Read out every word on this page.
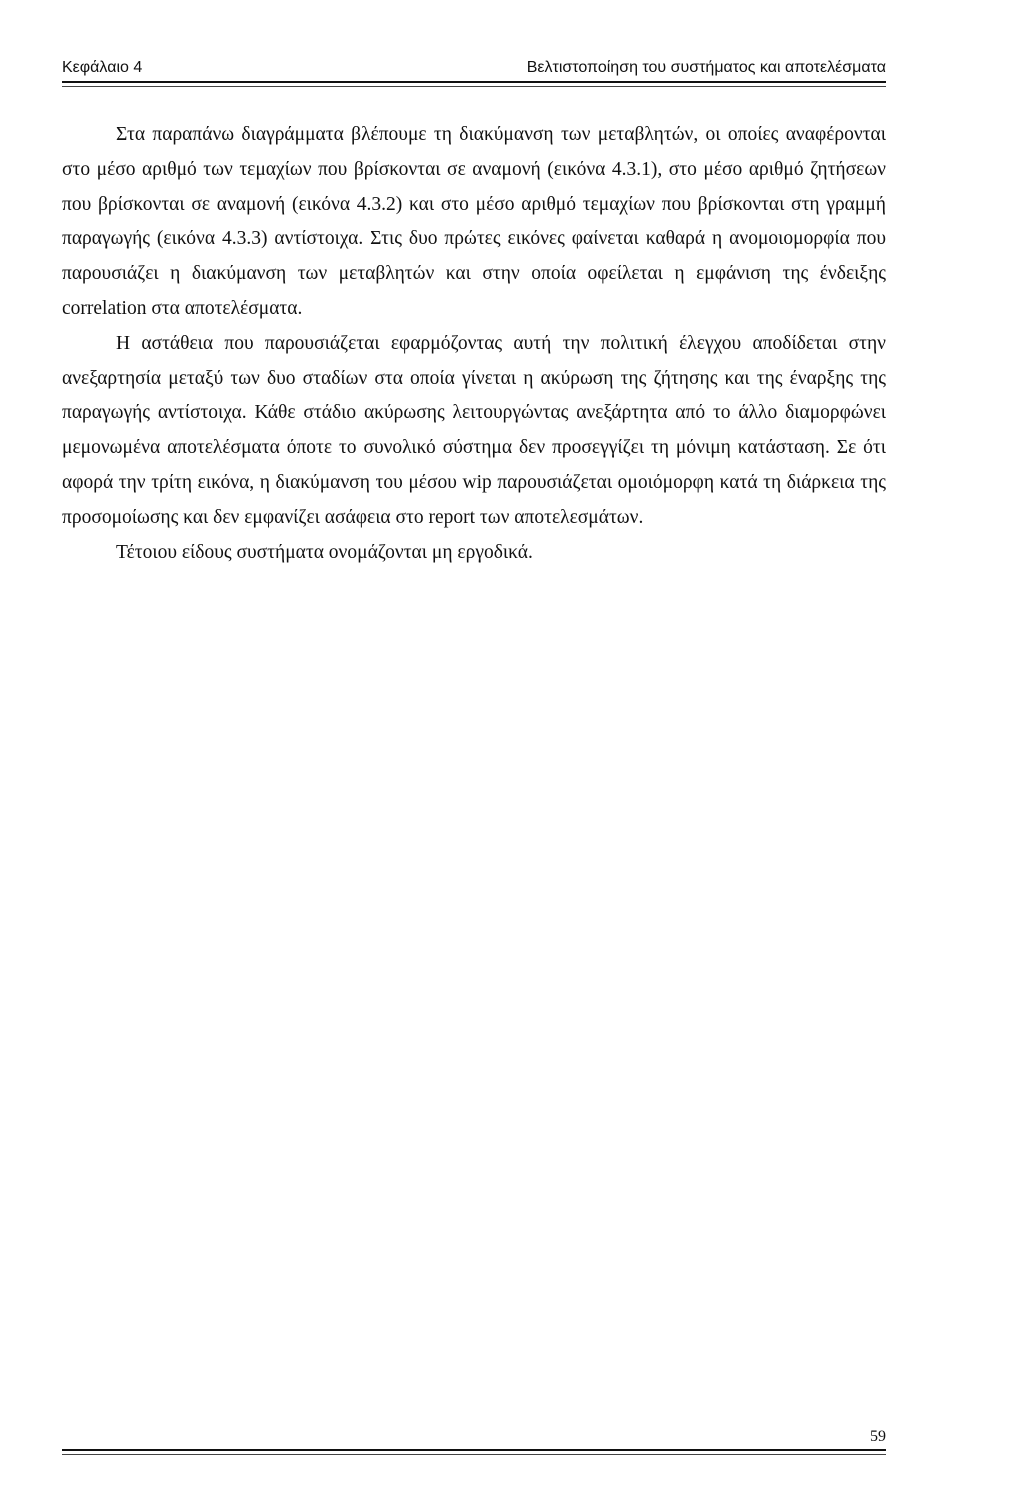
Κεφάλαιο 4	Βελτιστοποίηση του συστήματος και αποτελέσματα

Στα παραπάνω διαγράμματα βλέπουμε τη διακύμανση των μεταβλητών, οι οποίες αναφέρονται στο μέσο αριθμό των τεμαχίων που βρίσκονται σε αναμονή (εικόνα 4.3.1), στο μέσο αριθμό ζητήσεων που βρίσκονται σε αναμονή (εικόνα 4.3.2) και στο μέσο αριθμό τεμαχίων που βρίσκονται στη γραμμή παραγωγής (εικόνα 4.3.3) αντίστοιχα. Στις δυο πρώτες εικόνες φαίνεται καθαρά η ανομοιομορφία που παρουσιάζει η διακύμανση των μεταβλητών και στην οποία οφείλεται η εμφάνιση της ένδειξης correlation στα αποτελέσματα.

Η αστάθεια που παρουσιάζεται εφαρμόζοντας αυτή την πολιτική έλεγχου αποδίδεται στην ανεξαρτησία μεταξύ των δυο σταδίων στα οποία γίνεται η ακύρωση της ζήτησης και της έναρξης της παραγωγής αντίστοιχα. Κάθε στάδιο ακύρωσης λειτουργώντας ανεξάρτητα από το άλλο διαμορφώνει μεμονωμένα αποτελέσματα όποτε το συνολικό σύστημα δεν προσεγγίζει τη μόνιμη κατάσταση. Σε ότι αφορά την τρίτη εικόνα, η διακύμανση του μέσου wip παρουσιάζεται ομοιόμορφη κατά τη διάρκεια της προσομοίωσης και δεν εμφανίζει ασάφεια στο report των αποτελεσμάτων.

Τέτοιου είδους συστήματα ονομάζονται μη εργοδικά.

59
